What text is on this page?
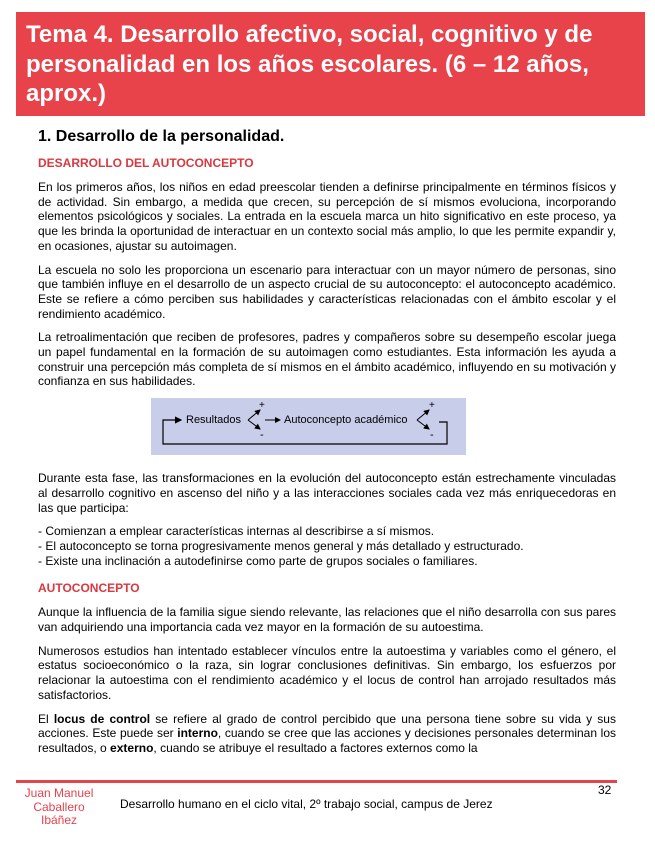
Tema 4. Desarrollo afectivo, social, cognitivo y de personalidad en los años escolares. (6 – 12 años, aprox.)
1. Desarrollo de la personalidad.
DESARROLLO DEL AUTOCONCEPTO

En los primeros años, los niños en edad preescolar tienden a definirse principalmente en términos físicos y de actividad. Sin embargo, a medida que crecen, su percepción de sí mismos evoluciona, incorporando elementos psicológicos y sociales. La entrada en la escuela marca un hito significativo en este proceso, ya que les brinda la oportunidad de interactuar en un contexto social más amplio, lo que les permite expandir y, en ocasiones, ajustar su autoimagen.

La escuela no solo les proporciona un escenario para interactuar con un mayor número de personas, sino que también influye en el desarrollo de un aspecto crucial de su autoconcepto: el autoconcepto académico. Este se refiere a cómo perciben sus habilidades y características relacionadas con el ámbito escolar y el rendimiento académico.

La retroalimentación que reciben de profesores, padres y compañeros sobre su desempeño escolar juega un papel fundamental en la formación de su autoimagen como estudiantes. Esta información les ayuda a construir una percepción más completa de sí mismos en el ámbito académico, influyendo en su motivación y confianza en sus habilidades.

+
-
+
-
Resultados	Autoconcepto académico

Durante esta fase, las transformaciones en la evolución del autoconcepto están estrechamente vinculadas al desarrollo cognitivo en ascenso del niño y a las interacciones sociales cada vez más enriquecedoras en las que participa:

- Comienzan a emplear características internas al describirse a sí mismos.
- El autoconcepto se torna progresivamente menos general y más detallado y estructurado.
- Existe una inclinación a autodefinirse como parte de grupos sociales o familiares.
AUTOCONCEPTO

Aunque la influencia de la familia sigue siendo relevante, las relaciones que el niño desarrolla con sus pares van adquiriendo una importancia cada vez mayor en la formación de su autoestima.

Numerosos estudios han intentado establecer vínculos entre la autoestima y variables como el género, el estatus socioeconómico o la raza, sin lograr conclusiones definitivas. Sin embargo, los esfuerzos por relacionar la autoestima con el rendimiento académico y el locus de control han arrojado resultados más satisfactorios.

El locus de control se refiere al grado de control percibido que una persona tiene sobre su vida y sus acciones. Este puede ser interno, cuando se cree que las acciones y decisiones personales determinan los resultados, o externo, cuando se atribuye el resultado a factores externos como la

Juan Manuel Caballero Ibáñez
Desarrollo humano en el ciclo vital, 2º trabajo social, campus de Jerez
32
